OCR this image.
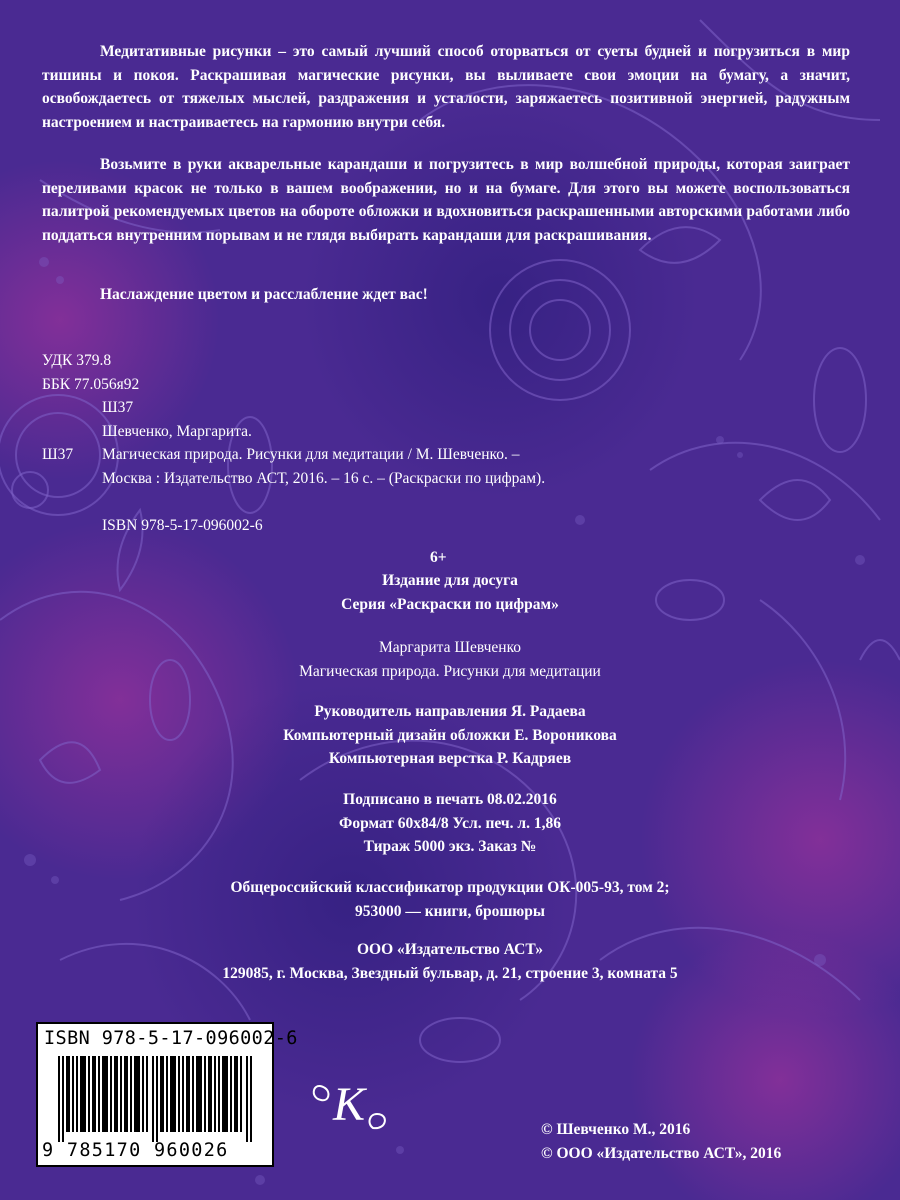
Медитативные рисунки – это самый лучший способ оторваться от суеты будней и погрузиться в мир тишины и покоя. Раскрашивая магические рисунки, вы выливаете свои эмоции на бумагу, а значит, освобождаетесь от тяжелых мыслей, раздражения и усталости, заряжаетесь позитивной энергией, радужным настроением и настраиваетесь на гармонию внутри себя.

Возьмите в руки акварельные карандаши и погрузитесь в мир волшебной природы, которая заиграет переливами красок не только в вашем воображении, но и на бумаге. Для этого вы можете воспользоваться палитрой рекомендуемых цветов на обороте обложки и вдохновиться раскрашенными авторскими работами либо поддаться внутренним порывам и не глядя выбирать карандаши для раскрашивания.

Наслаждение цветом и расслабление ждет вас!

УДК 379.8
ББК 77.056я92
Ш37
Шевченко, Маргарита.
Ш37 Магическая природа. Рисунки для медитации / М. Шевченко. –
Москва : Издательство АСТ, 2016. – 16 с. – (Раскраски по цифрам).
ISBN 978-5-17-096002-6
6+
Издание для досуга
Серия «Раскраски по цифрам»
Маргарита Шевченко
Магическая природа. Рисунки для медитации
Руководитель направления Я. Радаева
Компьютерный дизайн обложки Е. Вороникова
Компьютерная верстка Р. Кадряев
Подписано в печать 08.02.2016
Формат 60х84/8 Усл. печ. л. 1,86
Тираж 5000 экз. Заказ №
Общероссийский классификатор продукции ОК-005-93, том 2;
953000 — книги, брошюры
ООО «Издательство АСТ»
129085, г. Москва, Звездный бульвар, д. 21, строение 3, комната 5
ISBN 978-5-17-096002-6
9 785170 960026
K	© Шевченко М., 2016
© ООО «Издательство АСТ», 2016
